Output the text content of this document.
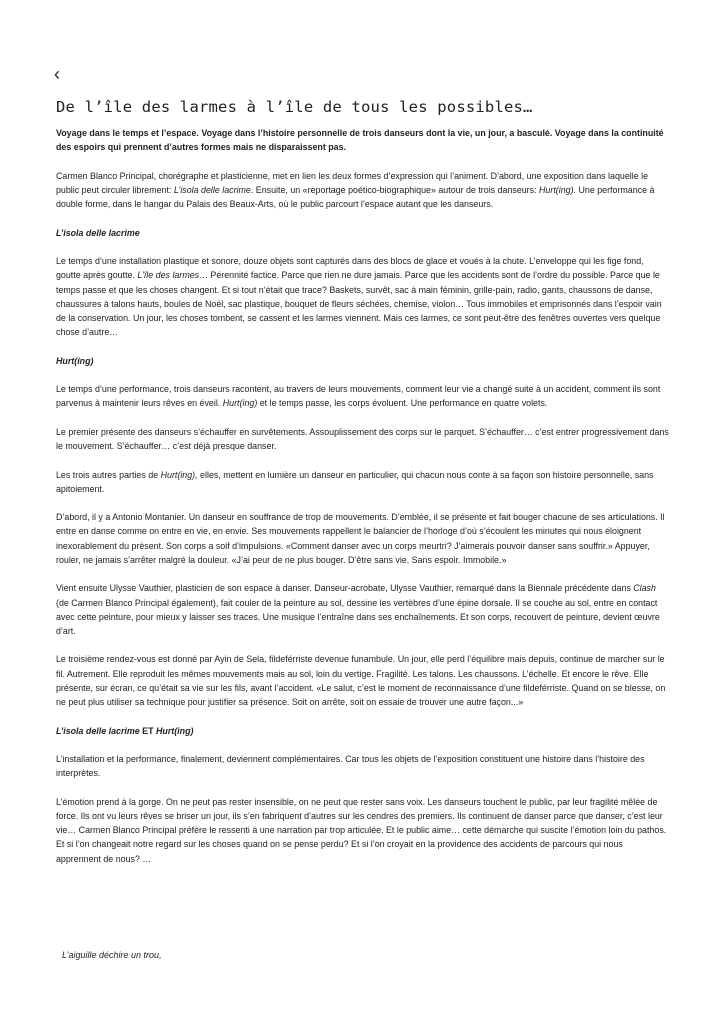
‹
De l’île des larmes à l’île de tous les possibles…

Voyage dans le temps et l’espace. Voyage dans l’histoire personnelle de trois danseurs dont la vie, un jour, a basculé. Voyage dans la continuité des espoirs qui prennent d’autres formes mais ne disparaissent pas.

Carmen Blanco Principal, chorégraphe et plasticienne, met en lien les deux formes d’expression qui l’animent. D’abord, une exposition dans laquelle le public peut circuler librement: L’isola delle lacrime. Ensuite, un «reportage poético-biographique» autour de trois danseurs: Hurt(ing). Une performance à double forme, dans le hangar du Palais des Beaux-Arts, où le public parcourt l’espace autant que les danseurs.

L’isola delle lacrime

Le temps d’une installation plastique et sonore, douze objets sont capturés dans des blocs de glace et voués à la chute. L’enveloppe qui les fige fond, goutte après goutte. L’île des larmes… Pérennité factice. Parce que rien ne dure jamais. Parce que les accidents sont de l’ordre du possible. Parce que le temps passe et que les choses changent. Et si tout n’était que trace? Baskets, survêt, sac à main féminin, grille-pain, radio, gants, chaussons de danse, chaussures à talons hauts, boules de Noël, sac plastique, bouquet de fleurs séchées, chemise, violon… Tous immobiles et emprisonnés dans l’espoir vain de la conservation. Un jour, les choses tombent, se cassent et les larmes viennent. Mais ces larmes, ce sont peut-être des fenêtres ouvertes vers quelque chose d’autre…

Hurt(ing)

Le temps d’une performance, trois danseurs racontent, au travers de leurs mouvements, comment leur vie a changé suite à un accident, comment ils sont parvenus à maintenir leurs rêves en éveil. Hurt(ing) et le temps passe, les corps évoluent. Une performance en quatre volets.

Le premier présente des danseurs s’échauffer en survêtements. Assouplissement des corps sur le parquet. S’échauffer… c’est entrer progressivement dans le mouvement. S’échauffer… c’est déjà presque danser.

Les trois autres parties de Hurt(ing), elles, mettent en lumière un danseur en particulier, qui chacun nous conte à sa façon son histoire personnelle, sans apitoiement.

D’abord, il y a Antonio Montanier. Un danseur en souffrance de trop de mouvements. D’emblée, il se présente et fait bouger chacune de ses articulations. Il entre en danse comme on entre en vie, en envie. Ses mouvements rappellent le balancier de l’horloge d’où s’écoulent les minutes qui nous éloignent inexorablement du présent. Son corps a soif d’impulsions. «Comment danser avec un corps meurtri? J’aimerais pouvoir danser sans souffrir.» Appuyer, rouler, ne jamais s’arrêter malgré la douleur. «J’ai peur de ne plus bouger. D’être sans vie. Sans espoir. Immobile.»

Vient ensuite Ulysse Vauthier, plasticien de son espace à danser. Danseur-acrobate, Ulysse Vauthier, remarqué dans la Biennale précédente dans Clash (de Carmen Blanco Principal également), fait couler de la peinture au sol, dessine les vertèbres d’une épine dorsale. Il se couche au sol, entre en contact avec cette peinture, pour mieux y laisser ses traces. Une musique l’entraîne dans ses enchaînements. Et son corps, recouvert de peinture, devient œuvre d’art.

Le troisième rendez-vous est donné par Ayin de Sela, fildeférriste devenue funambule. Un jour, elle perd l’équilibre mais depuis, continue de marcher sur le fil. Autrement. Elle reproduit les mêmes mouvements mais au sol, loin du vertige. Fragilité. Les talons. Les chaussons. L’échelle. Et encore le rêve. Elle présente, sur écran, ce qu’était sa vie sur les fils, avant l’accident. «Le salut, c’est le moment de reconnaissance d’une fildeférriste. Quand on se blesse, on ne peut plus utiliser sa technique pour justifier sa présence. Soit on arrête, soit on essaie de trouver une autre façon...»

L’isola delle lacrime ET Hurt(ing)

L’installation et la performance, finalement, deviennent complémentaires. Car tous les objets de l’exposition constituent une histoire dans l’histoire des interprètes.

L’émotion prend à la gorge. On ne peut pas rester insensible, on ne peut que rester sans voix. Les danseurs touchent le public, par leur fragilité mêlée de force. Ils ont vu leurs rêves se briser un jour, ils s’en fabriquent d’autres sur les cendres des premiers. Ils continuent de danser parce que danser, c’est leur vie… Carmen Blanco Principal préfère le ressenti à une narration par trop articulée. Et le public aime… cette démarche qui suscite l’émotion loin du pathos. Et si l’on changeait notre regard sur les choses quand on se pense perdu? Et si l’on croyait en la providence des accidents de parcours qui nous apprennent de nous? …

L’aiguille déchire un trou,
